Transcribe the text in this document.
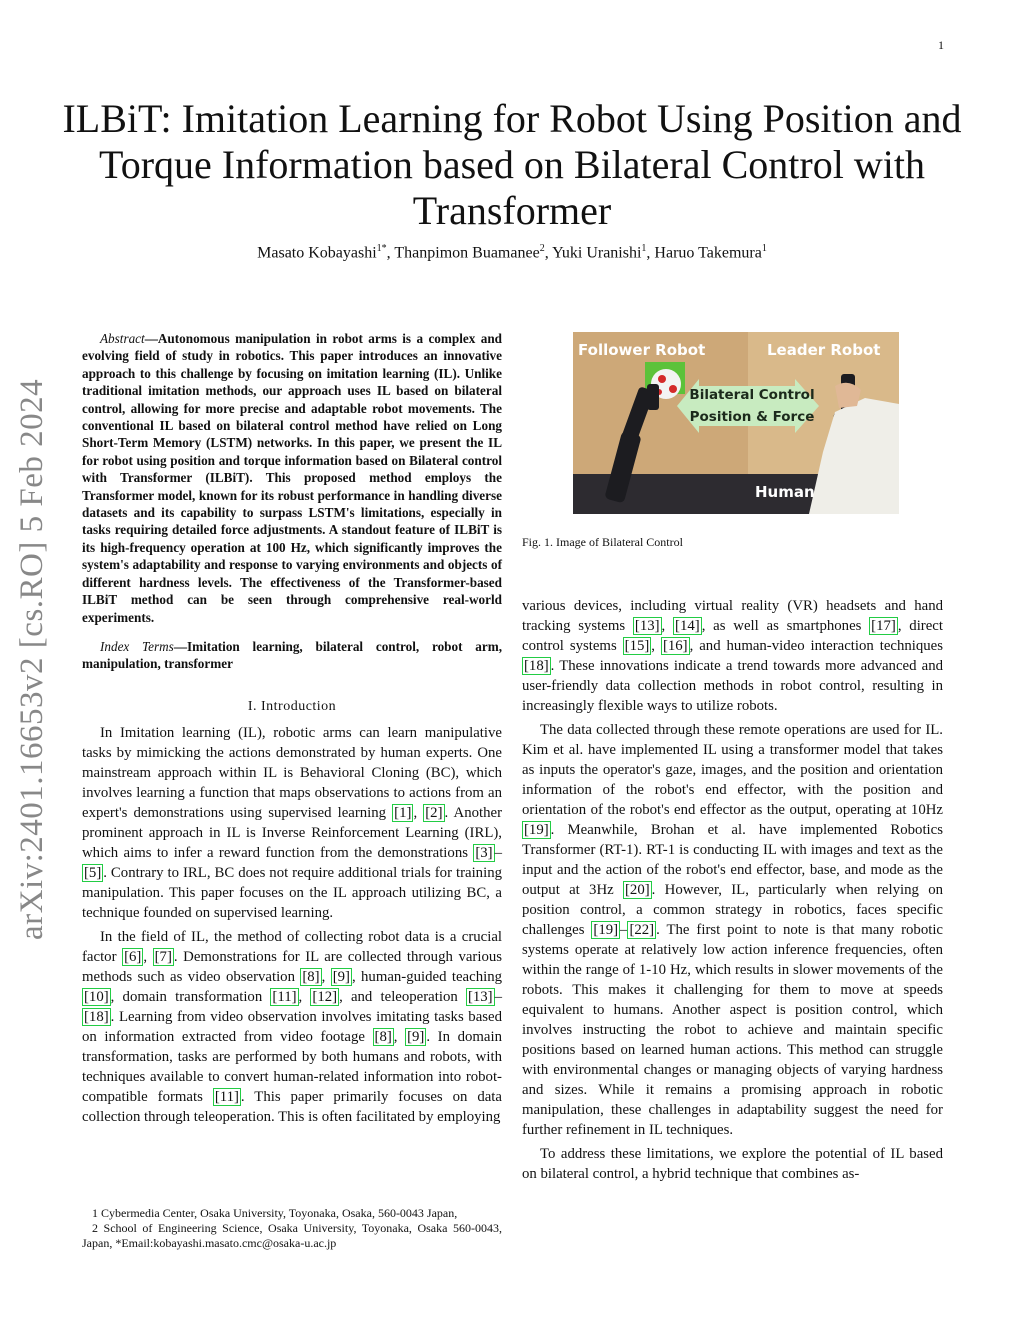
1
arXiv:2401.16653v2 [cs.RO] 5 Feb 2024
ILBiT: Imitation Learning for Robot Using Position and Torque Information based on Bilateral Control with Transformer
Masato Kobayashi$^{1*}$, Thanpimon Buamanee$^2$, Yuki Uranishi$^1$, Haruo Takemura$^1$

Abstract—Autonomous manipulation in robot arms is a complex and evolving field of study in robotics. This paper introduces an innovative approach to this challenge by focusing on imitation learning (IL). Unlike traditional imitation methods, our approach uses IL based on bilateral control, allowing for more precise and adaptable robot movements. The conventional IL based on bilateral control method have relied on Long Short-Term Memory (LSTM) networks. In this paper, we present the IL for robot using position and torque information based on Bilateral control with Transformer (ILBiT). This proposed method employs the Transformer model, known for its robust performance in handling diverse datasets and its capability to surpass LSTM's limitations, especially in tasks requiring detailed force adjustments. A standout feature of ILBiT is its high-frequency operation at 100 Hz, which significantly improves the system's adaptability and response to varying environments and objects of different hardness levels. The effectiveness of the Transformer-based ILBiT method can be seen through comprehensive real-world experiments.

Index Terms—Imitation learning, bilateral control, robot arm, manipulation, transformer

I. Introduction

In Imitation learning (IL), robotic arms can learn manipulative tasks by mimicking the actions demonstrated by human experts. One mainstream approach within IL is Behavioral Cloning (BC), which involves learning a function that maps observations to actions from an expert's demonstrations using supervised learning [1] , [2] . Another prominent approach in IL is Inverse Reinforcement Learning (IRL), which aims to infer a reward function from the demonstrations [3] –[5] . Contrary to IRL, BC does not require additional trials for training manipulation. This paper focuses on the IL approach utilizing BC, a technique founded on supervised learning.

In the field of IL, the method of collecting robot data is a crucial factor [6] , [7] . Demonstrations for IL are collected through various methods such as video observation [8] , [9] , human-guided teaching [10] , domain transformation [11] , [12] , and teleoperation [13] –[18] . Learning from video observation involves imitating tasks based on information extracted from video footage [8] , [9] . In domain transformation, tasks are performed by both humans and robots, with techniques available to convert human-related information into robot-compatible formats [11] . This paper primarily focuses on data collection through teleoperation. This is often facilitated by employing

Follower Robot	Leader Robot
Bilateral Control
Position & Force
Human
Fig. 1. Image of Bilateral Control

various devices, including virtual reality (VR) headsets and hand tracking systems [13] , [14] , as well as smartphones [17] , direct control systems [15] , [16] , and human-video interaction techniques [18] . These innovations indicate a trend towards more advanced and user-friendly data collection methods in robot control, resulting in increasingly flexible ways to utilize robots.

The data collected through these remote operations are used for IL. Kim et al. have implemented IL using a transformer model that takes as inputs the operator's gaze, images, and the position and orientation information of the robot's end effector, with the position and orientation of the robot's end effector as the output, operating at 10Hz [19] . Meanwhile, Brohan et al. have implemented Robotics Transformer (RT-1). RT-1 is conducting IL with images and text as the input and the action of the robot's end effector, base, and mode as the output at 3Hz [20] . However, IL, particularly when relying on position control, a common strategy in robotics, faces specific challenges [19] – [22] . The first point to note is that many robotic systems operate at relatively low action inference frequencies, often within the range of 1-10 Hz, which results in slower movements of the robots. This makes it challenging for them to move at speeds equivalent to humans. Another aspect is position control, which involves instructing the robot to achieve and maintain specific positions based on learned human actions. This method can struggle with environmental changes or managing objects of varying hardness and sizes. While it remains a promising approach in robotic manipulation, these challenges in adaptability suggest the need for further refinement in IL techniques.

To address these limitations, we explore the potential of IL based on bilateral control, a hybrid technique that combines as-

1 Cybermedia Center, Osaka University, Toyonaka, Osaka, 560-0043 Japan,
2 School of Engineering Science, Osaka University, Toyonaka, Osaka 560-0043, Japan, *Email:kobayashi.masato.cmc@osaka-u.ac.jp
